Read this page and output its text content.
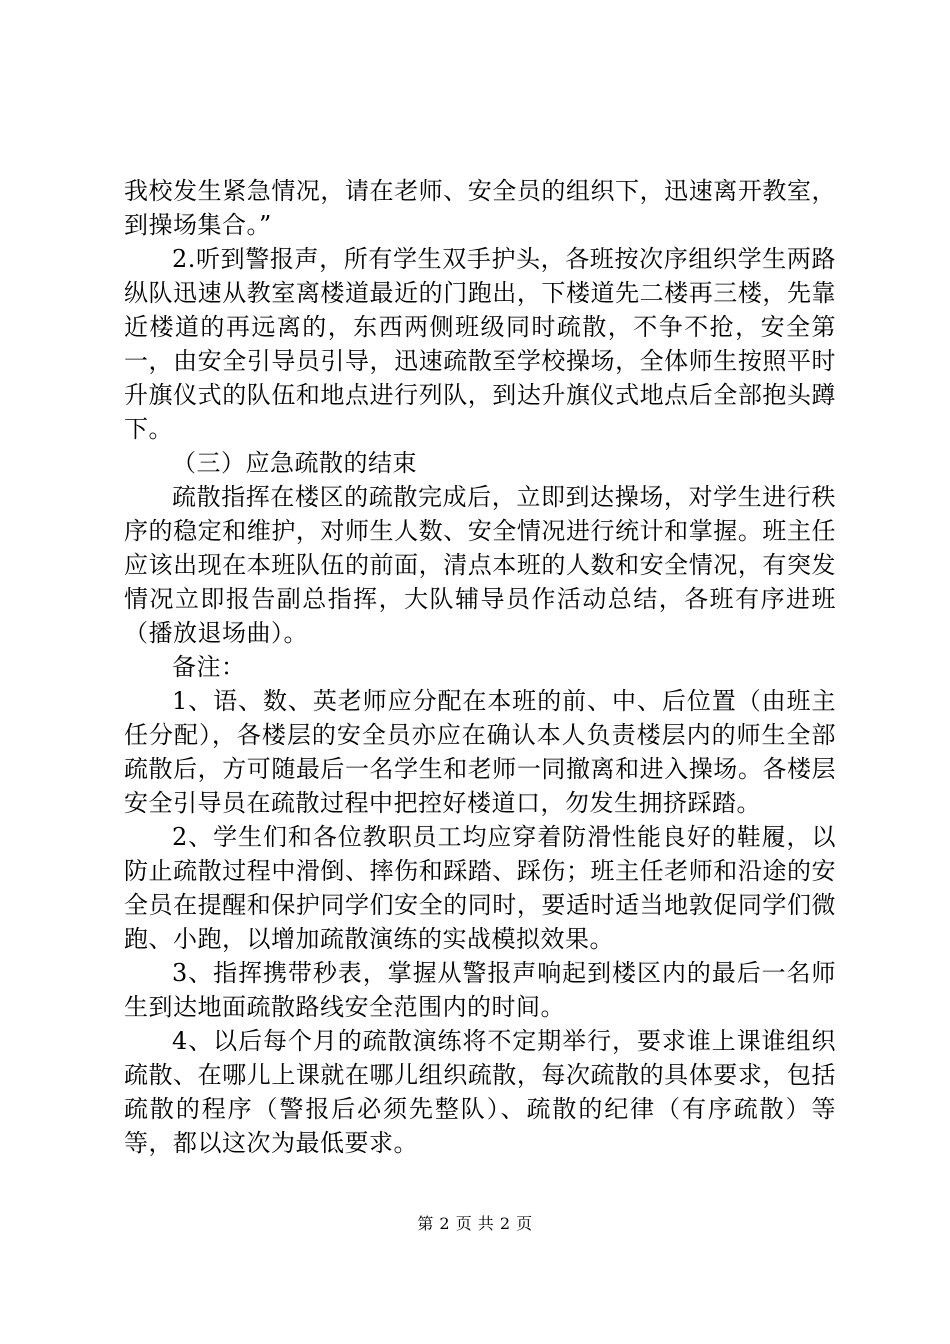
我校发生紧急情况，请在老师、安全员的组织下，迅速离开教室，到操场集合。”

2.听到警报声，所有学生双手护头，各班按次序组织学生两路纵队迅速从教室离楼道最近的门跑出，下楼道先二楼再三楼，先靠近楼道的再远离的，东西两侧班级同时疏散，不争不抢，安全第一，由安全引导员引导，迅速疏散至学校操场，全体师生按照平时升旗仪式的队伍和地点进行列队，到达升旗仪式地点后全部抱头蹲下。

（三）应急疏散的结束

疏散指挥在楼区的疏散完成后，立即到达操场，对学生进行秩序的稳定和维护，对师生人数、安全情况进行统计和掌握。班主任应该出现在本班队伍的前面，清点本班的人数和安全情况，有突发情况立即报告副总指挥，大队辅导员作活动总结，各班有序进班（播放退场曲）。

备注：

1、语、数、英老师应分配在本班的前、中、后位置（由班主任分配），各楼层的安全员亦应在确认本人负责楼层内的师生全部疏散后，方可随最后一名学生和老师一同撤离和进入操场。各楼层安全引导员在疏散过程中把控好楼道口，勿发生拥挤踩踏。

2、学生们和各位教职员工均应穿着防滑性能良好的鞋履，以防止疏散过程中滑倒、摔伤和踩踏、踩伤；班主任老师和沿途的安全员在提醒和保护同学们安全的同时，要适时适当地敦促同学们微跑、小跑，以增加疏散演练的实战模拟效果。

3、指挥携带秒表，掌握从警报声响起到楼区内的最后一名师生到达地面疏散路线安全范围内的时间。

4、以后每个月的疏散演练将不定期举行，要求谁上课谁组织疏散、在哪儿上课就在哪儿组织疏散，每次疏散的具体要求，包括疏散的程序（警报后必须先整队）、疏散的纪律（有序疏散）等等，都以这次为最低要求。

第 2 页 共 2 页
